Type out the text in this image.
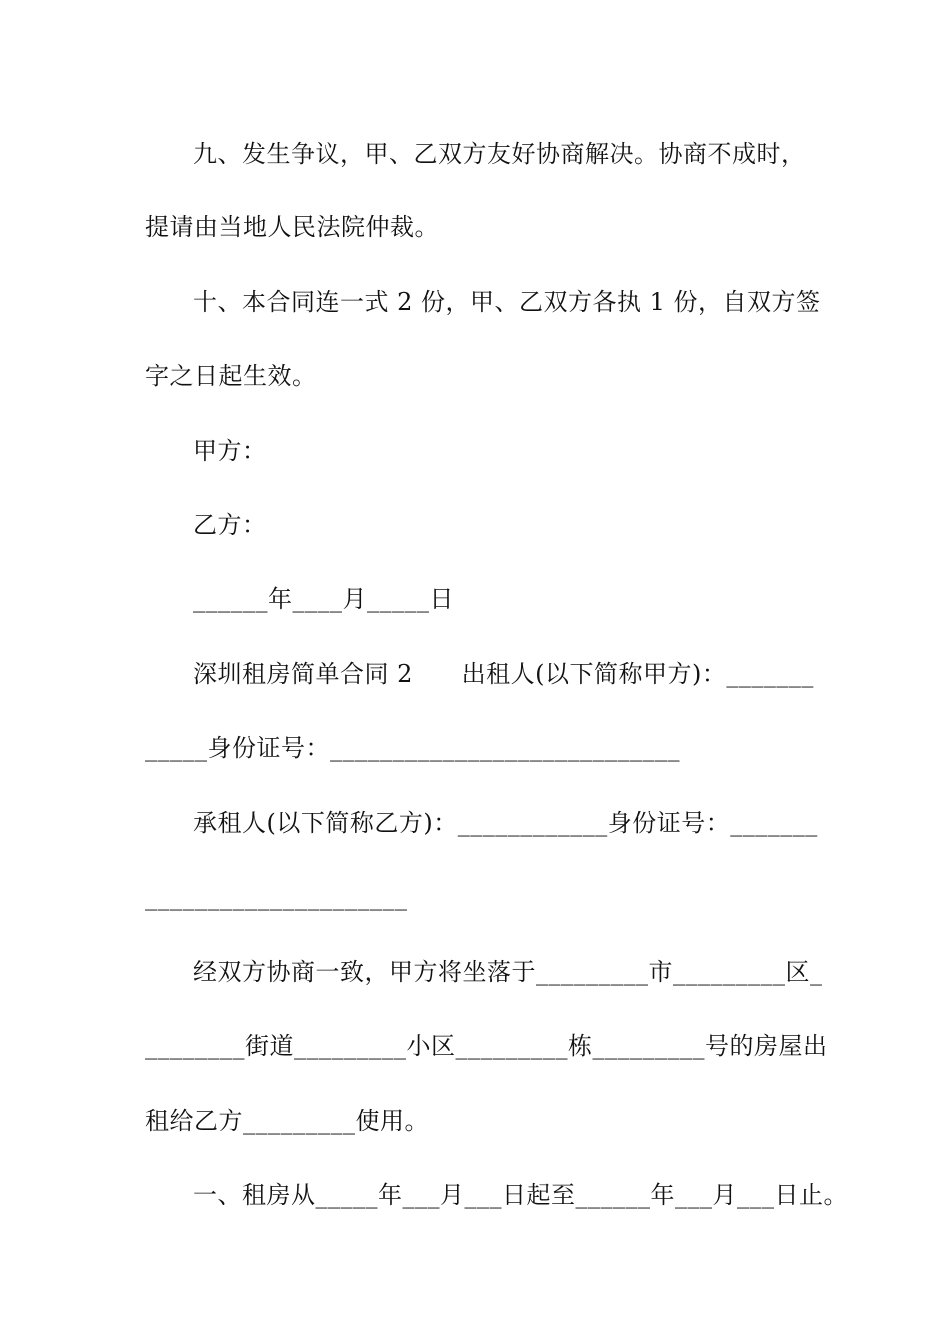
九、发生争议，甲、乙双方友好协商解决。协商不成时，
提请由当地人民法院仲裁。
十、本合同连一式 2 份，甲、乙双方各执 1 份，自双方签
字之日起生效。
甲方：
乙方：
______年____月_____日
深圳租房简单合同 2      出租人(以下简称甲方)：_______
_____身份证号：____________________________
承租人(以下简称乙方)：____________身份证号：_______
_____________________
经双方协商一致，甲方将坐落于_________市_________区_
________街道_________小区_________栋_________号的房屋出
租给乙方_________使用。
一、租房从_____年___月___日起至______年___月___日止。
